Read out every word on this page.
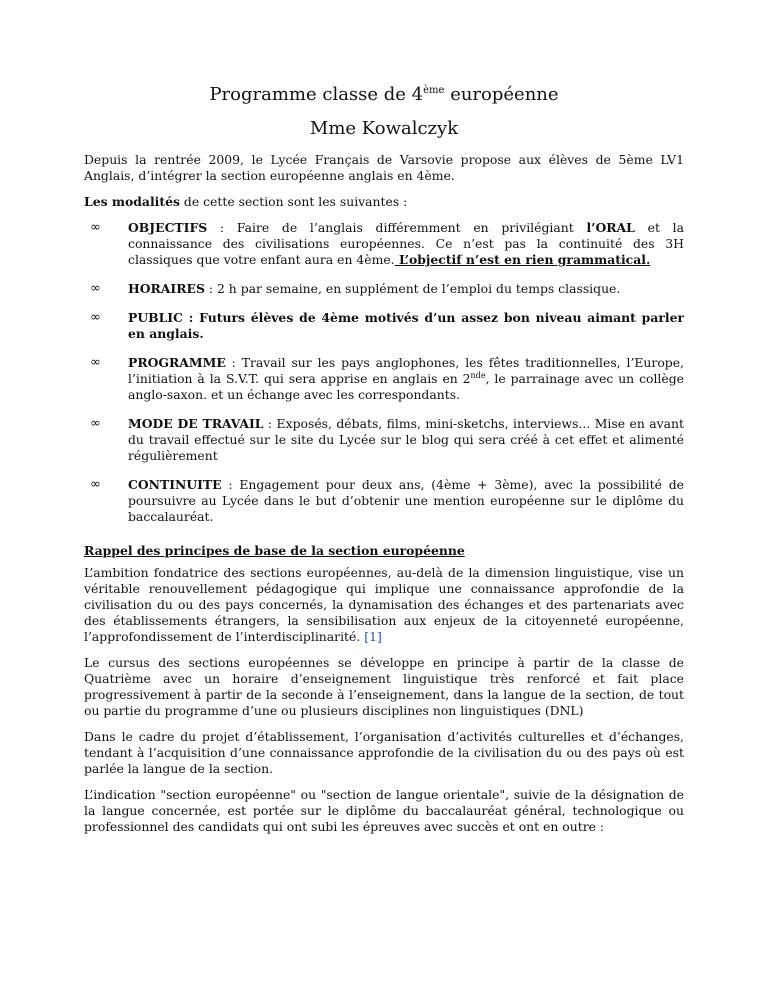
Programme classe de 4ème européenne
Mme Kowalczyk

Depuis la rentrée 2009, le Lycée Français de Varsovie propose aux élèves de 5ème LV1 Anglais, d’intégrer la section européenne anglais en 4ème.

Les modalités de cette section sont les suivantes :

∞ OBJECTIFS : Faire de l’anglais différemment en privilégiant l’ORAL et la connaissance des civilisations européennes. Ce n’est pas la continuité des 3H classiques que votre enfant aura en 4ème. L’objectif n’est en rien grammatical.
∞ HORAIRES : 2 h par semaine, en supplément de l’emploi du temps classique.
∞ PUBLIC : Futurs élèves de 4ème motivés d’un assez bon niveau aimant parler en anglais.
∞ PROGRAMME : Travail sur les pays anglophones, les fêtes traditionnelles, l’Europe, l’initiation à la S.V.T. qui sera apprise en anglais en 2nde, le parrainage avec un collège anglo-saxon. et un échange avec les correspondants.
∞ MODE DE TRAVAIL : Exposés, débats, films, mini-sketchs, interviews... Mise en avant du travail effectué sur le site du Lycée sur le blog qui sera créé à cet effet et alimenté régulièrement
∞ CONTINUITE : Engagement pour deux ans, (4ème + 3ème), avec la possibilité de poursuivre au Lycée dans le but d’obtenir une mention européenne sur le diplôme du baccalauréat.
Rappel des principes de base de la section européenne

L’ambition fondatrice des sections européennes, au-delà de la dimension linguistique, vise un véritable renouvellement pédagogique qui implique une connaissance approfondie de la civilisation du ou des pays concernés, la dynamisation des échanges et des partenariats avec des établissements étrangers, la sensibilisation aux enjeux de la citoyenneté européenne, l’approfondissement de l’interdisciplinarité. [1]

Le cursus des sections européennes se développe en principe à partir de la classe de Quatrième avec un horaire d’enseignement linguistique très renforcé et fait place progressivement à partir de la seconde à l’enseignement, dans la langue de la section, de tout ou partie du programme d’une ou plusieurs disciplines non linguistiques (DNL)

Dans le cadre du projet d’établissement, l’organisation d’activités culturelles et d’échanges, tendant à l’acquisition d’une connaissance approfondie de la civilisation du ou des pays où est parlée la langue de la section.

L’indication "section européenne" ou "section de langue orientale", suivie de la désignation de la langue concernée, est portée sur le diplôme du baccalauréat général, technologique ou professionnel des candidats qui ont subi les épreuves avec succès et ont en outre :
